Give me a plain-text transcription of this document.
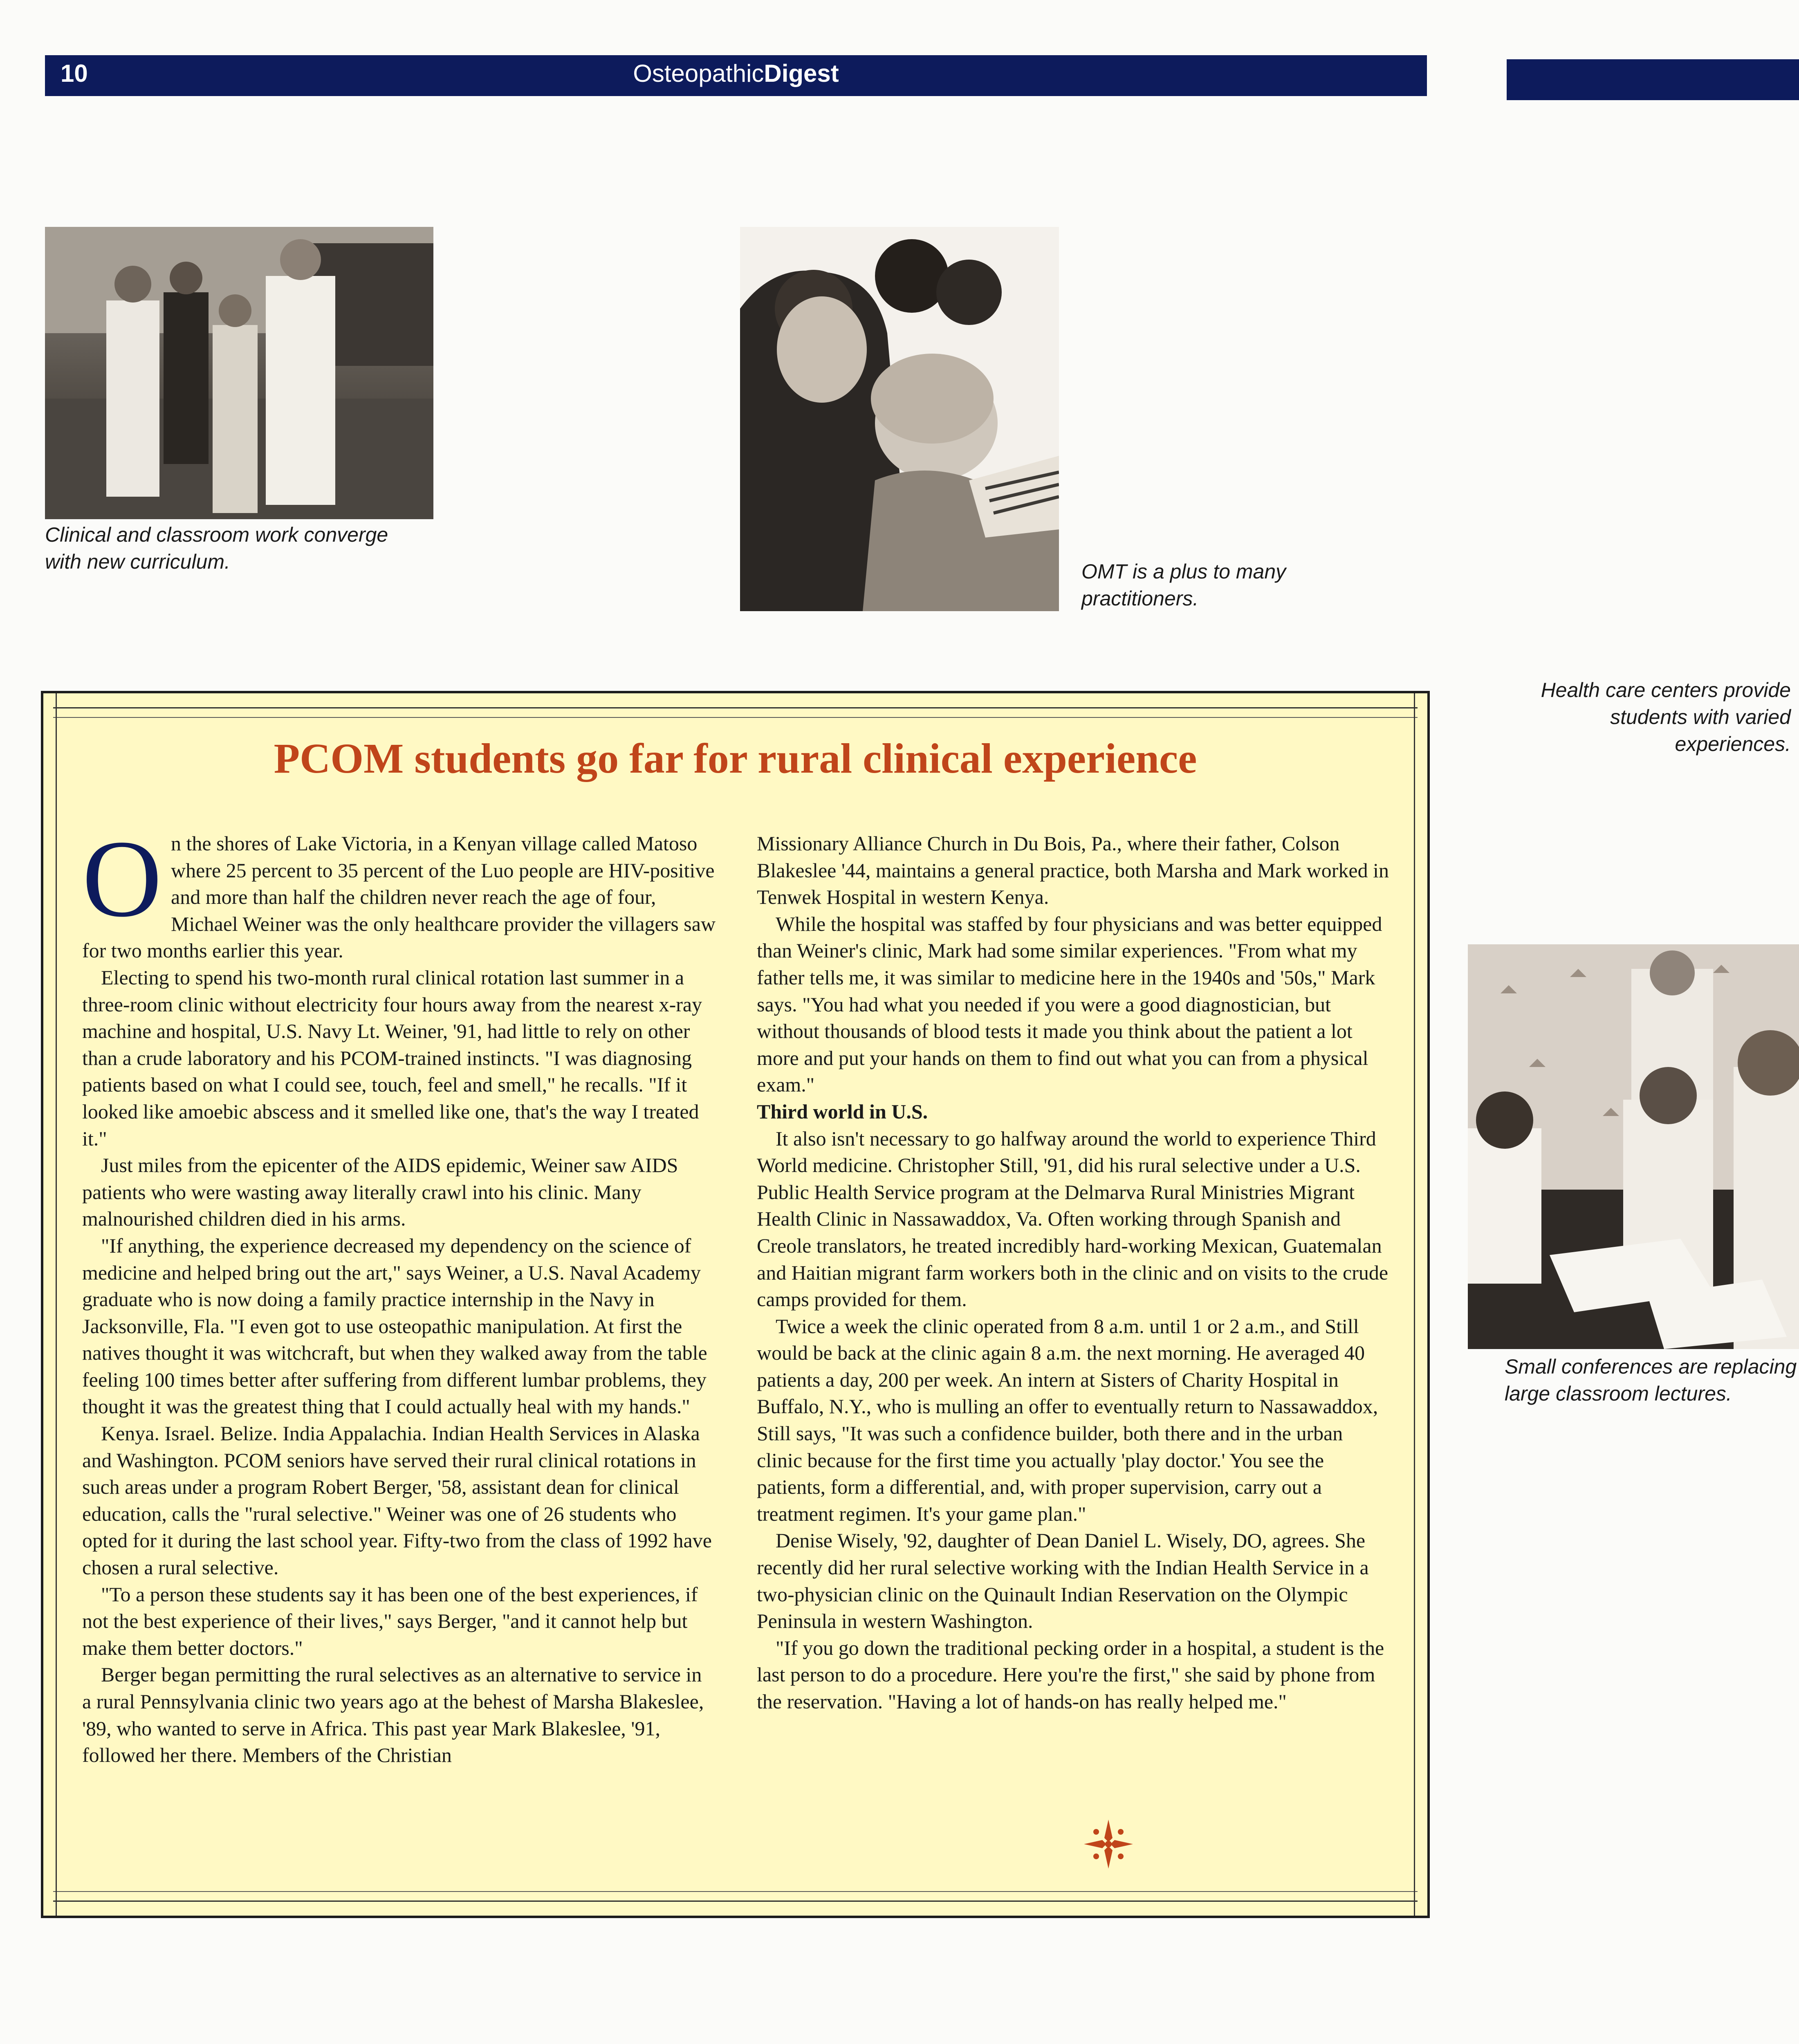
10	OsteopathicDigest
Clinical and classroom work converge with new curriculum.	OMT is a plus to many practitioners.
Health care centers provide students with varied experiences.
Small conferences are replacing large classroom lectures.
PCOM students go far for rural clinical experience

On the shores of Lake Victoria, in a Kenyan village called Matoso where 25 percent to 35 percent of the Luo people are HIV-positive and more than half the children never reach the age of four, Michael Weiner was the only healthcare provider the villagers saw for two months earlier this year.

Electing to spend his two-month rural clinical rotation last summer in a three-room clinic without electricity four hours away from the nearest x-ray machine and hospital, U.S. Navy Lt. Weiner, '91, had little to rely on other than a crude laboratory and his PCOM-trained instincts. "I was diagnosing patients based on what I could see, touch, feel and smell," he recalls. "If it looked like amoebic abscess and it smelled like one, that's the way I treated it."

Just miles from the epicenter of the AIDS epidemic, Weiner saw AIDS patients who were wasting away literally crawl into his clinic. Many malnourished children died in his arms.

"If anything, the experience decreased my dependency on the science of medicine and helped bring out the art," says Weiner, a U.S. Naval Academy graduate who is now doing a family practice internship in the Navy in Jacksonville, Fla. "I even got to use osteopathic manipulation. At first the natives thought it was witchcraft, but when they walked away from the table feeling 100 times better after suffering from different lumbar problems, they thought it was the greatest thing that I could actually heal with my hands."

Kenya. Israel. Belize. India Appalachia. Indian Health Services in Alaska and Washington. PCOM seniors have served their rural clinical rotations in such areas under a program Robert Berger, '58, assistant dean for clinical education, calls the "rural selective." Weiner was one of 26 students who opted for it during the last school year. Fifty-two from the class of 1992 have chosen a rural selective.

"To a person these students say it has been one of the best experiences, if not the best experience of their lives," says Berger, "and it cannot help but make them better doctors."

Berger began permitting the rural selectives as an alternative to service in a rural Pennsylvania clinic two years ago at the behest of Marsha Blakeslee, '89, who wanted to serve in Africa. This past year Mark Blakeslee, '91, followed her there. Members of the Christian

Missionary Alliance Church in Du Bois, Pa., where their father, Colson Blakeslee '44, maintains a general practice, both Marsha and Mark worked in Tenwek Hospital in western Kenya.

While the hospital was staffed by four physicians and was better equipped than Weiner's clinic, Mark had some similar experiences. "From what my father tells me, it was similar to medicine here in the 1940s and '50s," Mark says. "You had what you needed if you were a good diagnostician, but without thousands of blood tests it made you think about the patient a lot more and put your hands on them to find out what you can from a physical exam."

Third world in U.S.

It also isn't necessary to go halfway around the world to experience Third World medicine. Christopher Still, '91, did his rural selective under a U.S. Public Health Service program at the Delmarva Rural Ministries Migrant Health Clinic in Nassawaddox, Va. Often working through Spanish and Creole translators, he treated incredibly hard-working Mexican, Guatemalan and Haitian migrant farm workers both in the clinic and on visits to the crude camps provided for them.

Twice a week the clinic operated from 8 a.m. until 1 or 2 a.m., and Still would be back at the clinic again 8 a.m. the next morning. He averaged 40 patients a day, 200 per week. An intern at Sisters of Charity Hospital in Buffalo, N.Y., who is mulling an offer to eventually return to Nassawaddox, Still says, "It was such a confidence builder, both there and in the urban clinic because for the first time you actually 'play doctor.' You see the patients, form a differential, and, with proper supervision, carry out a treatment regimen. It's your game plan."

Denise Wisely, '92, daughter of Dean Daniel L. Wisely, DO, agrees. She recently did her rural selective working with the Indian Health Service in a two-physician clinic on the Quinault Indian Reservation on the Olympic Peninsula in western Washington.

"If you go down the traditional pecking order in a hospital, a student is the last person to do a procedure. Here you're the first," she said by phone from the reservation. "Having a lot of hands-on has really helped me."
